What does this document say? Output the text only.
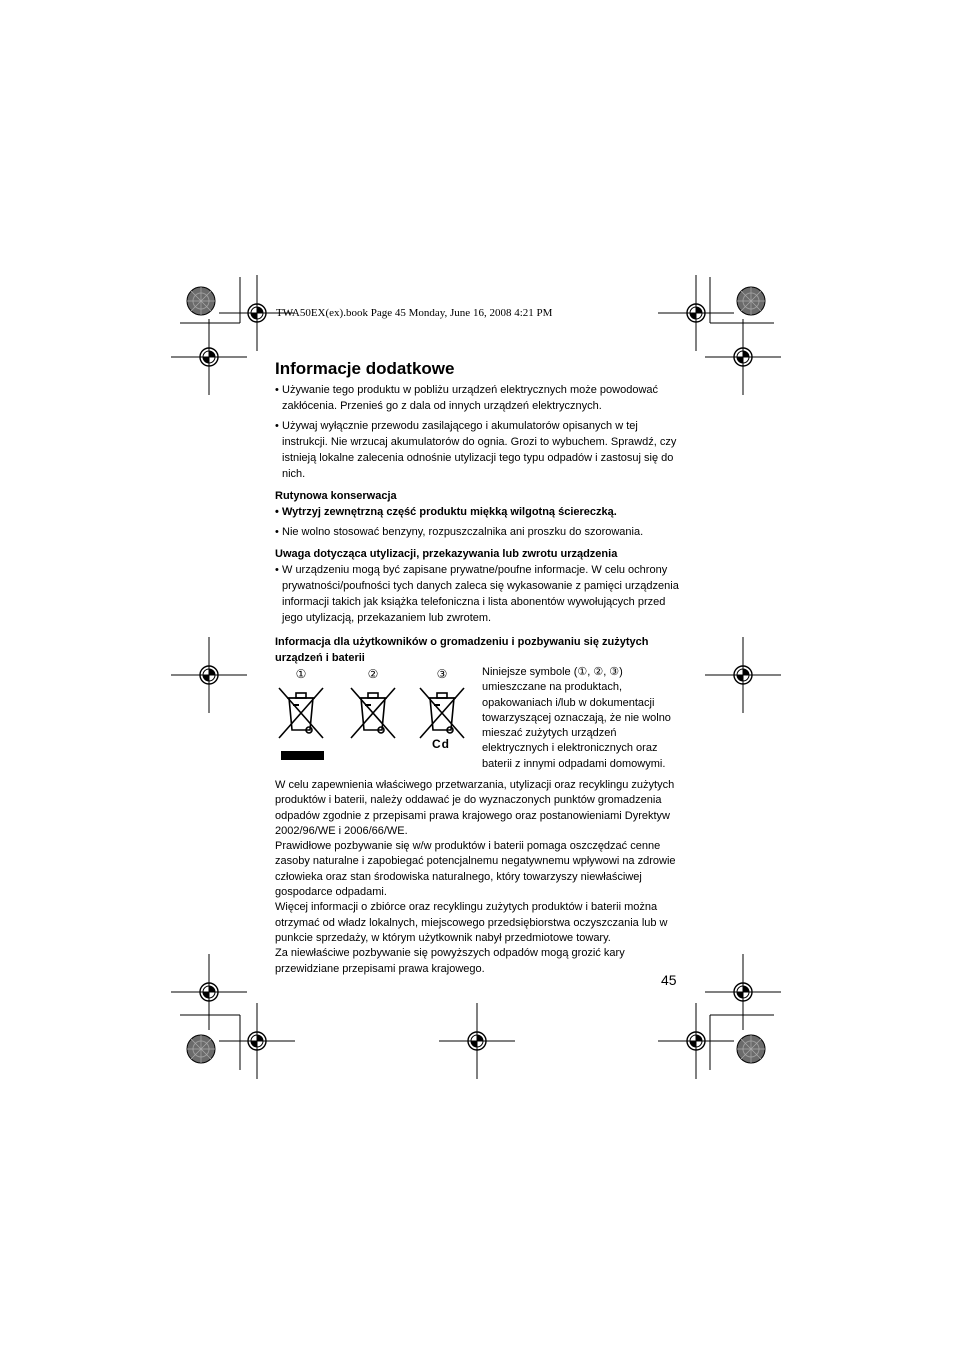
TWA50EX(ex).book Page 45 Monday, June 16, 2008 4:21 PM
Informacje dodatkowe

• Używanie tego produktu w pobliżu urządzeń elektrycznych może powodować zakłócenia. Przenieś go z dala od innych urządzeń elektrycznych.

• Używaj wyłącznie przewodu zasilającego i akumulatorów opisanych w tej instrukcji. Nie wrzucaj akumulatorów do ognia. Grozi to wybuchem. Sprawdź, czy istnieją lokalne zalecenia odnośnie utylizacji tego typu odpadów i zastosuj się do nich.

Rutynowa konserwacja

• Wytrzyj zewnętrzną część produktu miękką wilgotną ściereczką.

• Nie wolno stosować benzyny, rozpuszczalnika ani proszku do szorowania.

Uwaga dotycząca utylizacji, przekazywania lub zwrotu urządzenia

• W urządzeniu mogą być zapisane prywatne/poufne informacje. W celu ochrony prywatności/poufności tych danych zaleca się wykasowanie z pamięci urządzenia informacji takich jak książka telefoniczna i lista abonentów wywołujących przed jego utylizacją, przekazaniem lub zwrotem.

Informacja dla użytkowników o gromadzeniu i pozbywaniu się zużytych urządzeń i baterii

①	②	③
Cd

Niniejsze symbole (①, ②, ③) umieszczane na produktach, opakowaniach i/lub w dokumentacji towarzyszącej oznaczają, że nie wolno mieszać zużytych urządzeń elektrycznych i elektronicznych oraz baterii z innymi odpadami domowymi.

W celu zapewnienia właściwego przetwarzania, utylizacji oraz recyklingu zużytych produktów i baterii, należy oddawać je do wyznaczonych punktów gromadzenia odpadów zgodnie z przepisami prawa krajowego oraz postanowieniami Dyrektyw 2002/96/WE i 2006/66/WE.

Prawidłowe pozbywanie się w/w produktów i baterii pomaga oszczędzać cenne zasoby naturalne i zapobiegać potencjalnemu negatywnemu wpływowi na zdrowie człowieka oraz stan środowiska naturalnego, który towarzyszy niewłaściwej gospodarce odpadami.

Więcej informacji o zbiórce oraz recyklingu zużytych produktów i baterii można otrzymać od władz lokalnych, miejscowego przedsiębiorstwa oczyszczania lub w punkcie sprzedaży, w którym użytkownik nabył przedmiotowe towary.

Za niewłaściwe pozbywanie się powyższych odpadów mogą grozić kary przewidziane przepisami prawa krajowego.

45
